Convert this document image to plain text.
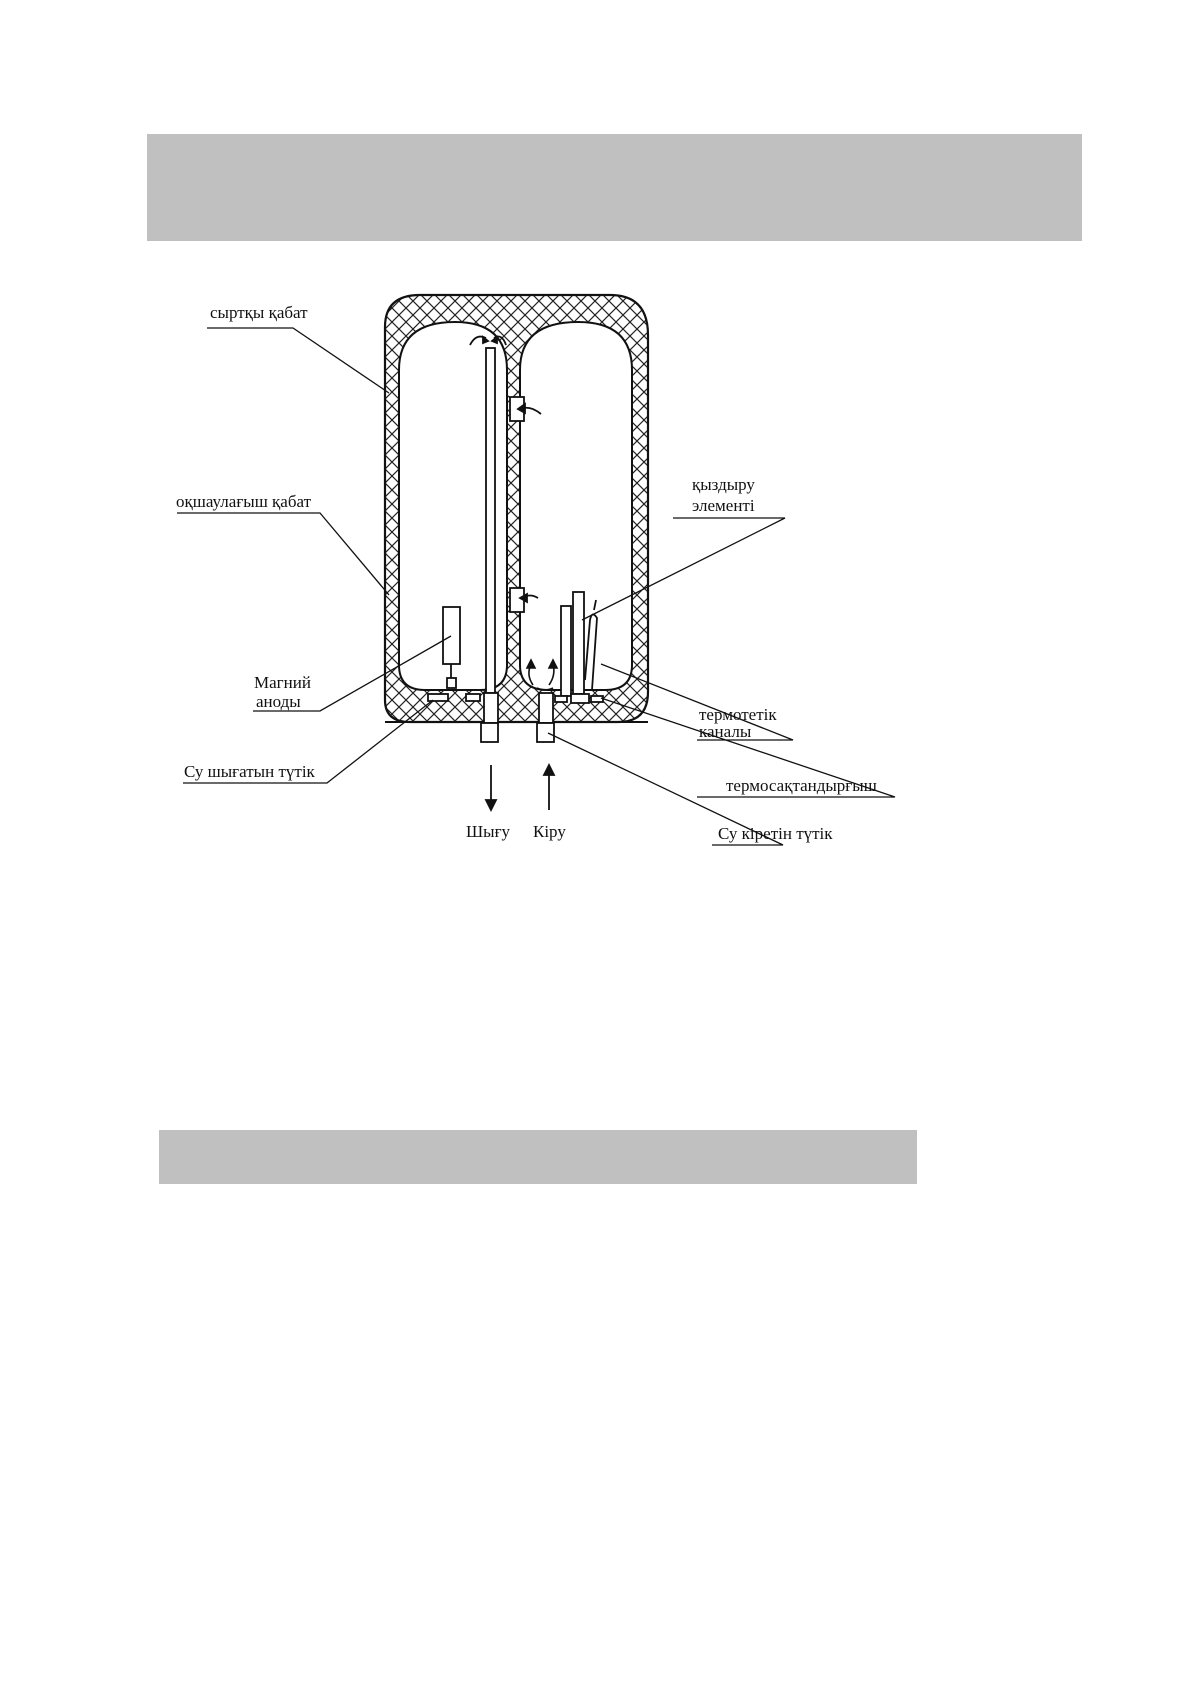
сыртқы қабат
оқшаулағыш қабат
Магний
аноды
Су шығатын түтік
Шығу Кіру
қыздыру
элементі
термотетік
каналы
термосақтандырғыш
Су кіретін түтік
